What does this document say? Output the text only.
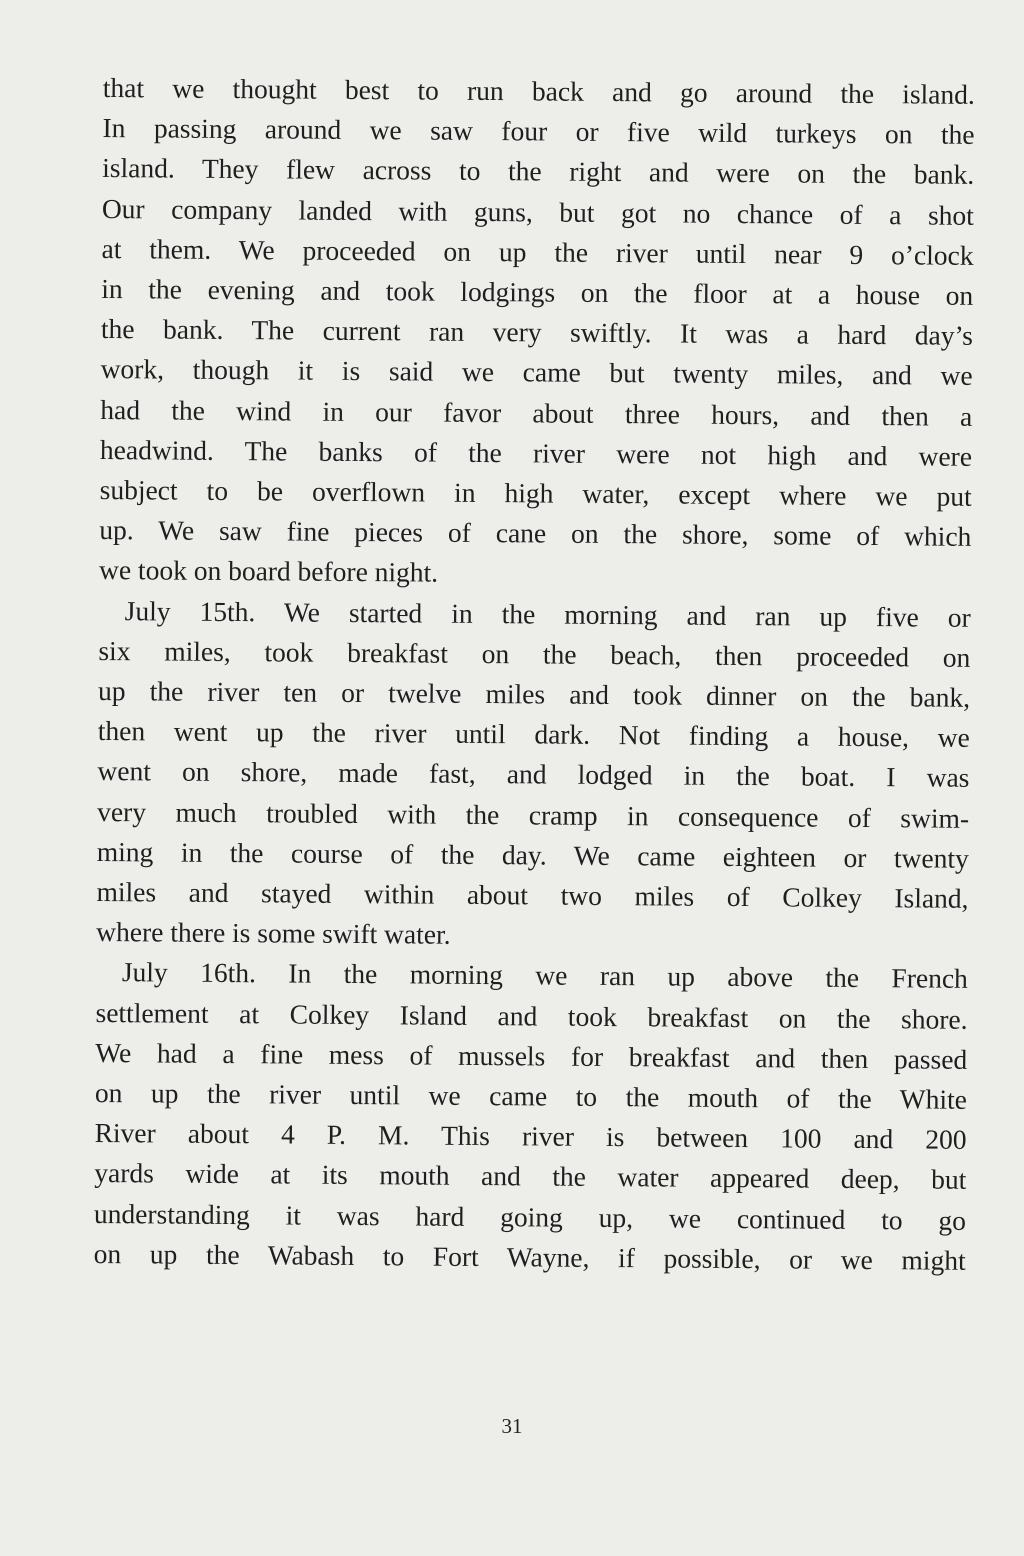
that we thought best to run back and go around the island.
In passing around we saw four or five wild turkeys on the
island. They flew across to the right and were on the bank.
Our company landed with guns, but got no chance of a shot
at them. We proceeded on up the river until near 9 o’clock
in the evening and took lodgings on the floor at a house on
the bank. The current ran very swiftly. It was a hard day’s
work, though it is said we came but twenty miles, and we
had the wind in our favor about three hours, and then a
headwind. The banks of the river were not high and were
subject to be overflown in high water, except where we put
up. We saw fine pieces of cane on the shore, some of which
we took on board before night.
July 15th. We started in the morning and ran up five or
six miles, took breakfast on the beach, then proceeded on
up the river ten or twelve miles and took dinner on the bank,
then went up the river until dark. Not finding a house, we
went on shore, made fast, and lodged in the boat. I was
very much troubled with the cramp in consequence of swim-
ming in the course of the day. We came eighteen or twenty
miles and stayed within about two miles of Colkey Island,
where there is some swift water.
July 16th. In the morning we ran up above the French
settlement at Colkey Island and took breakfast on the shore.
We had a fine mess of mussels for breakfast and then passed
on up the river until we came to the mouth of the White
River about 4 P. M. This river is between 100 and 200
yards wide at its mouth and the water appeared deep, but
understanding it was hard going up, we continued to go
on up the Wabash to Fort Wayne, if possible, or we might
31
